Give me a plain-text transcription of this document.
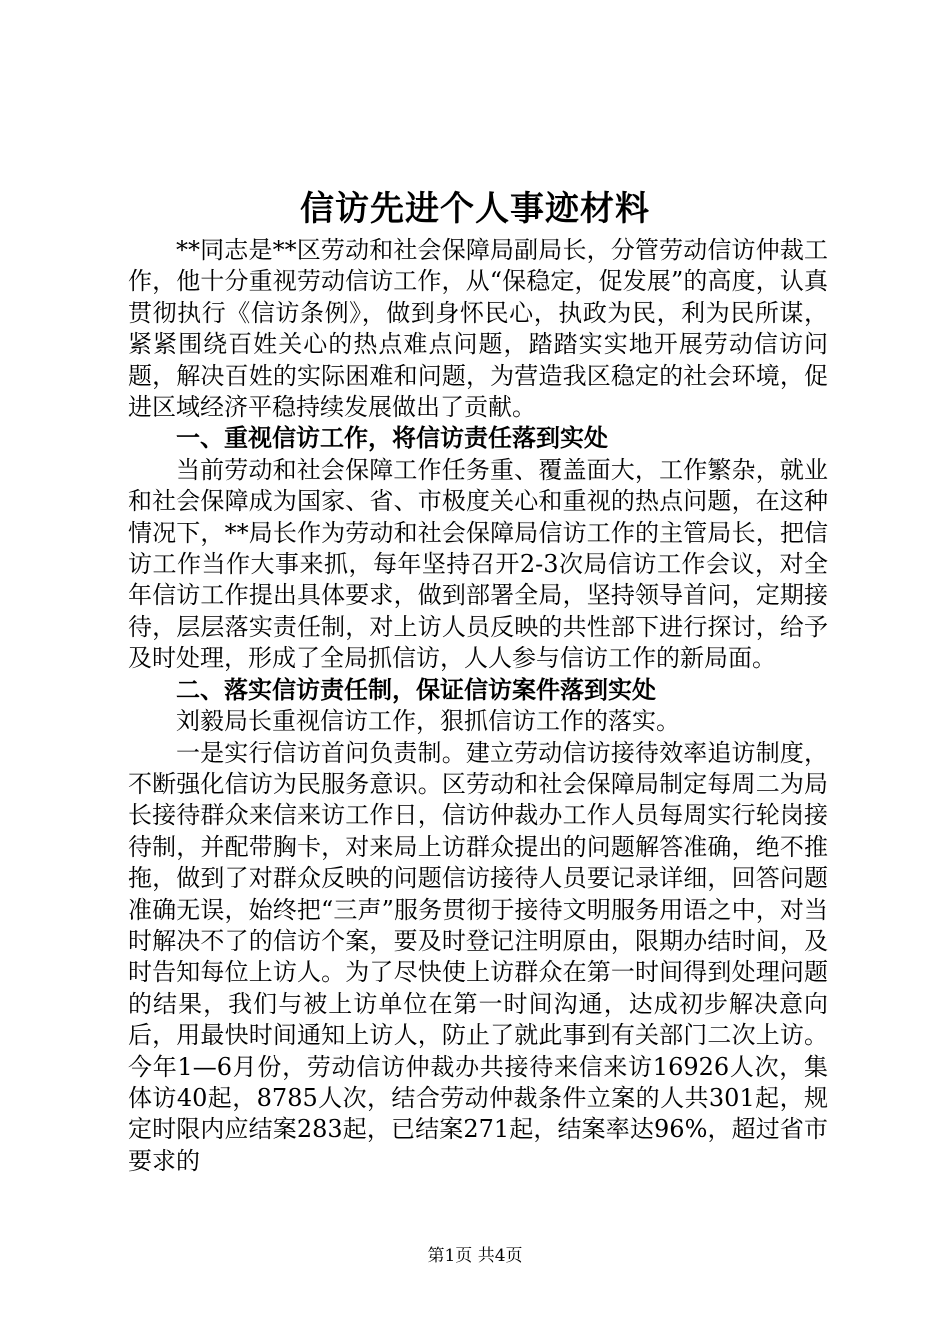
信访先进个人事迹材料

**同志是**区劳动和社会保障局副局长，分管劳动信访仲裁工作，他十分重视劳动信访工作，从“保稳定，促发展”的高度，认真贯彻执行《信访条例》，做到身怀民心，执政为民，利为民所谋，紧紧围绕百姓关心的热点难点问题，踏踏实实地开展劳动信访问题，解决百姓的实际困难和问题，为营造我区稳定的社会环境，促进区域经济平稳持续发展做出了贡献。

一、重视信访工作，将信访责任落到实处

当前劳动和社会保障工作任务重、覆盖面大，工作繁杂，就业和社会保障成为国家、省、市极度关心和重视的热点问题，在这种情况下，**局长作为劳动和社会保障局信访工作的主管局长，把信访工作当作大事来抓，每年坚持召开2-3次局信访工作会议，对全年信访工作提出具体要求，做到部署全局，坚持领导首问，定期接待，层层落实责任制，对上访人员反映的共性部下进行探讨，给予及时处理，形成了全局抓信访，人人参与信访工作的新局面。

二、落实信访责任制，保证信访案件落到实处

刘毅局长重视信访工作，狠抓信访工作的落实。

一是实行信访首问负责制。建立劳动信访接待效率追访制度，不断强化信访为民服务意识。区劳动和社会保障局制定每周二为局长接待群众来信来访工作日，信访仲裁办工作人员每周实行轮岗接待制，并配带胸卡，对来局上访群众提出的问题解答准确，绝不推拖，做到了对群众反映的问题信访接待人员要记录详细，回答问题准确无误，始终把“三声”服务贯彻于接待文明服务用语之中，对当时解决不了的信访个案，要及时登记注明原由，限期办结时间，及时告知每位上访人。为了尽快使上访群众在第一时间得到处理问题的结果，我们与被上访单位在第一时间沟通，达成初步解决意向后，用最快时间通知上访人，防止了就此事到有关部门二次上访。今年1—6月份，劳动信访仲裁办共接待来信来访16926人次，集体访40起，8785人次，结合劳动仲裁条件立案的人共301起，规定时限内应结案283起，已结案271起，结案率达96%，超过省市要求的

第1页 共4页
